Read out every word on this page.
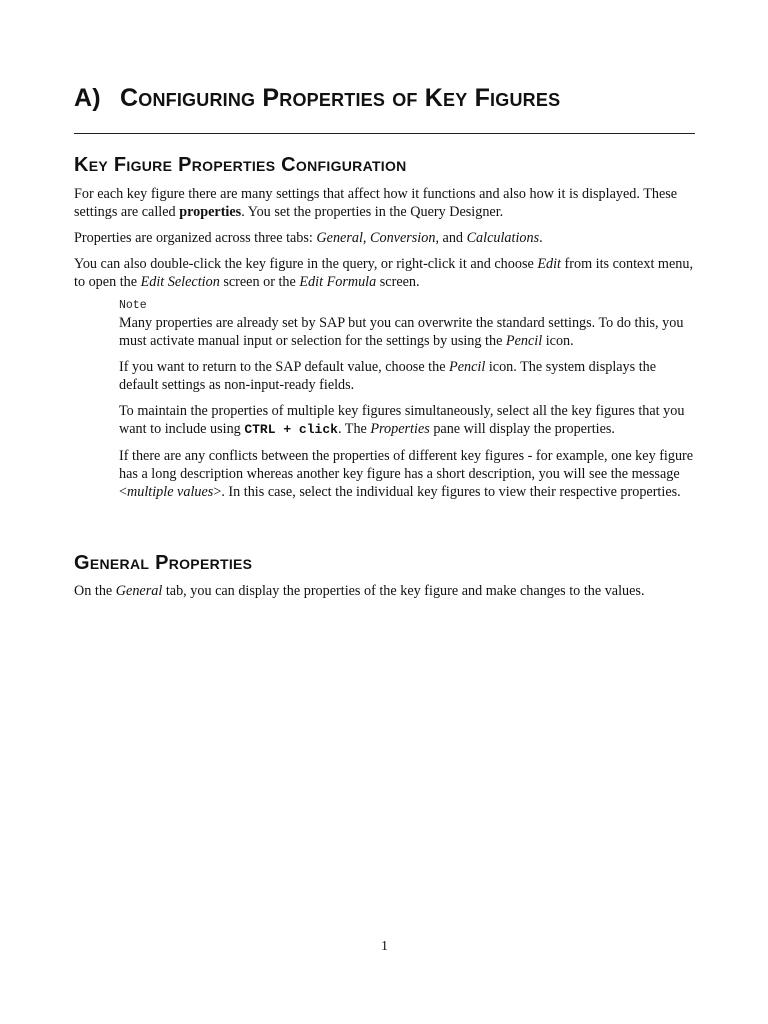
A) Configuring Properties of Key Figures
Key Figure Properties Configuration

For each key figure there are many settings that affect how it functions and also how it is displayed. These settings are called properties. You set the properties in the Query Designer.

Properties are organized across three tabs: General, Conversion, and Calculations.

You can also double-click the key figure in the query, or right-click it and choose Edit from its context menu, to open the Edit Selection screen or the Edit Formula screen.

Note

Many properties are already set by SAP but you can overwrite the standard settings. To do this, you must activate manual input or selection for the settings by using the Pencil icon.

If you want to return to the SAP default value, choose the Pencil icon. The system displays the default settings as non-input-ready fields.

To maintain the properties of multiple key figures simultaneously, select all the key figures that you want to include using CTRL + click. The Properties pane will display the properties.

If there are any conflicts between the properties of different key figures - for example, one key figure has a long description whereas another key figure has a short description, you will see the message <multiple values>. In this case, select the individual key figures to view their respective properties.

General Properties

On the General tab, you can display the properties of the key figure and make changes to the values.

1
